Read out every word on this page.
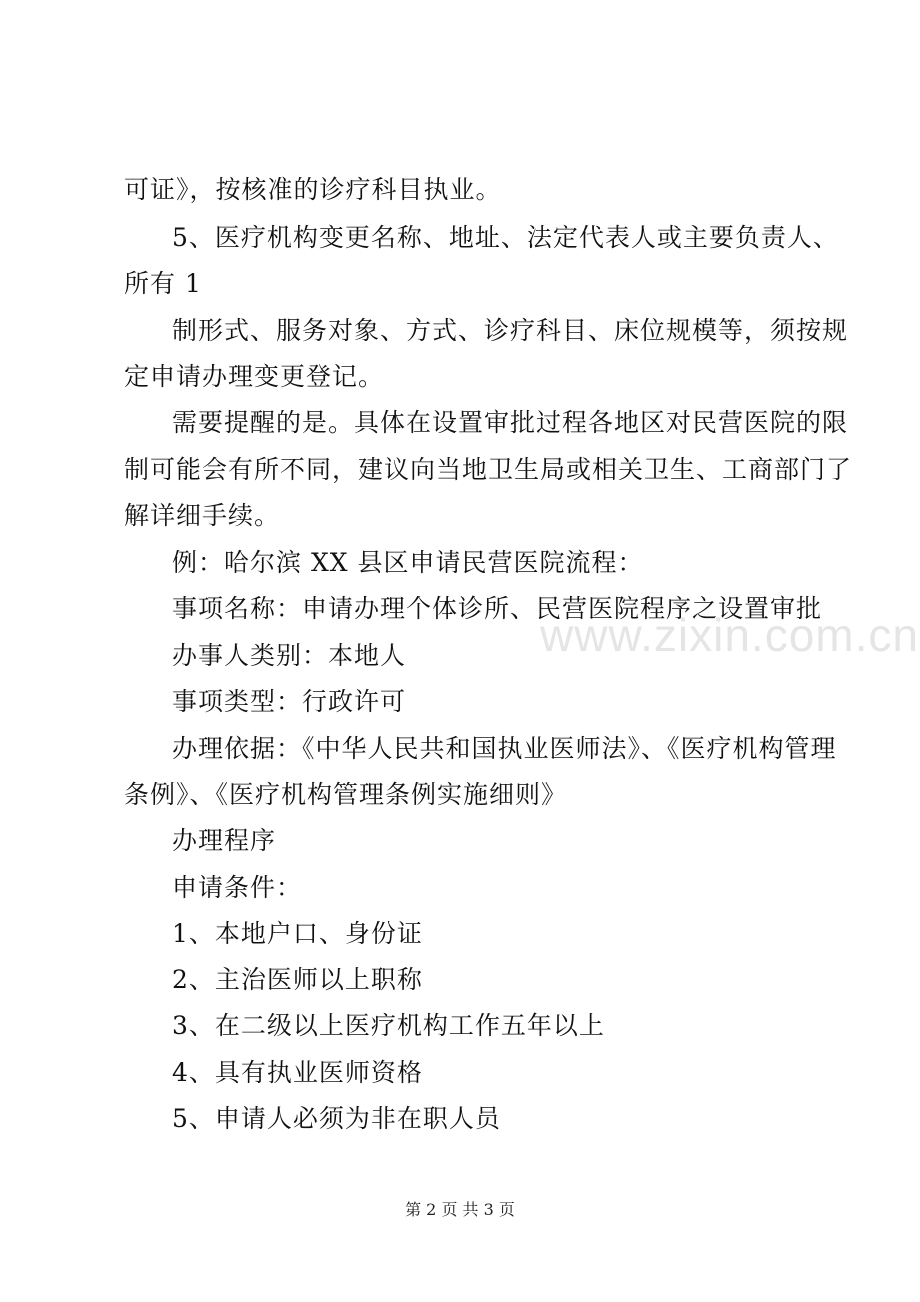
可证》，按核准的诊疗科目执业。
5、医疗机构变更名称、地址、法定代表人或主要负责人、
所有 1
制形式、服务对象、方式、诊疗科目、床位规模等，须按规
定申请办理变更登记。
需要提醒的是。具体在设置审批过程各地区对民营医院的限
制可能会有所不同，建议向当地卫生局或相关卫生、工商部门了
解详细手续。
例：哈尔滨 XX 县区申请民营医院流程：
事项名称：申请办理个体诊所、民营医院程序之设置审批
办事人类别：本地人
事项类型：行政许可
办理依据：《中华人民共和国执业医师法》、《医疗机构管理
条例》、《医疗机构管理条例实施细则》
办理程序
申请条件：
1、本地户口、身份证
2、主治医师以上职称
3、在二级以上医疗机构工作五年以上
4、具有执业医师资格
5、申请人必须为非在职人员
www.zixin.com.cn
第 2 页 共 3 页
